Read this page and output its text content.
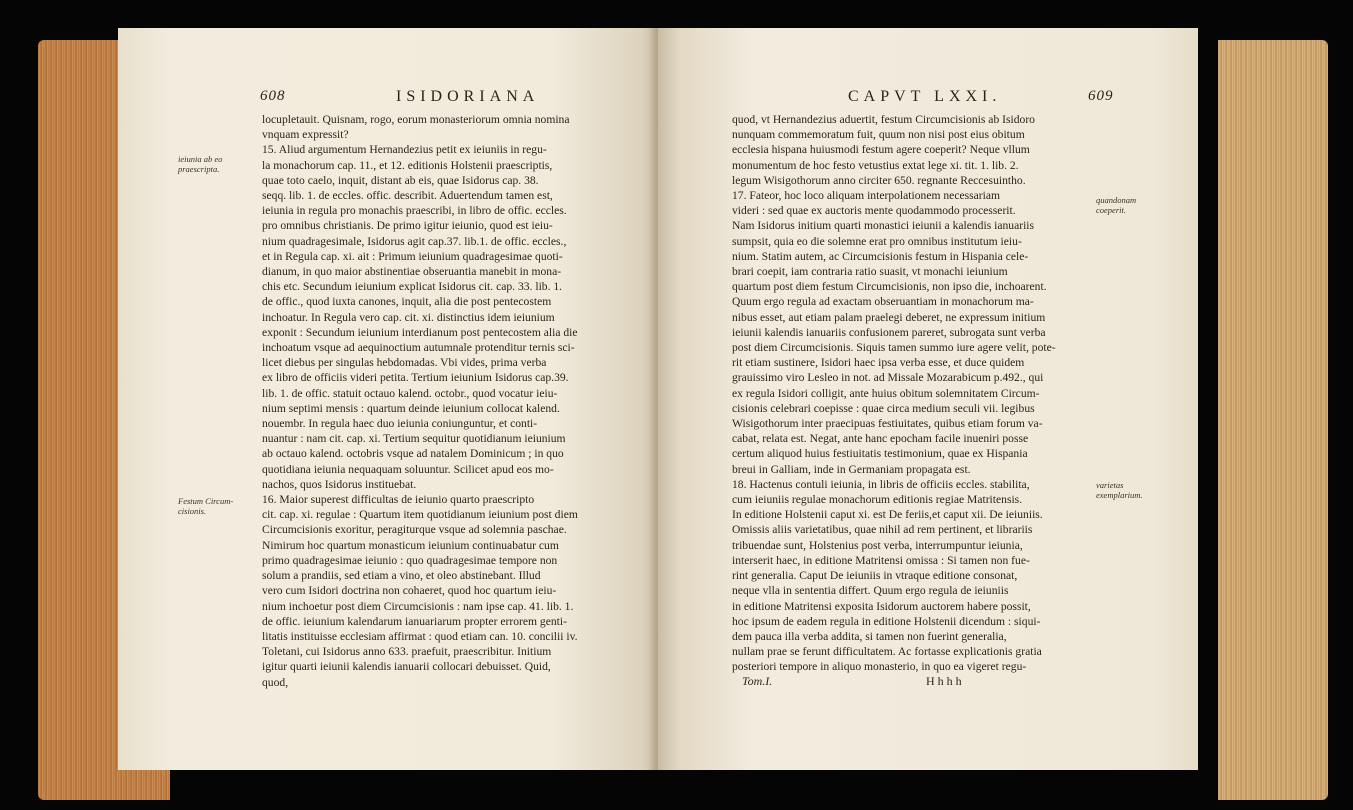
608	ISIDORIANA
ieiunia ab eo praescripta.
Festum Circum-cisionis.
locupletauit. Quisnam, rogo, eorum monasteriorum omnia nomina
vnquam expressit?
15. Aliud argumentum Hernandezius petit ex ieiuniis in regu-
la monachorum cap. 11., et 12. editionis Holstenii praescriptis,
quae toto caelo, inquit, distant ab eis, quae Isidorus cap. 38.
seqq. lib. 1. de eccles. offic. describit. Aduertendum tamen est,
ieiunia in regula pro monachis praescribi, in libro de offic. eccles.
pro omnibus christianis. De primo igitur ieiunio, quod est ieiu-
nium quadragesimale, Isidorus agit cap.37. lib.1. de offic. eccles.,
et in Regula cap. xi. ait : Primum ieiunium quadragesimae quoti-
dianum, in quo maior abstinentiae obseruantia manebit in mona-
chis etc. Secundum ieiunium explicat Isidorus cit. cap. 33. lib. 1.
de offic., quod iuxta canones, inquit, alia die post pentecostem
inchoatur. In Regula vero cap. cit. xi. distinctius idem ieiunium
exponit : Secundum ieiunium interdianum post pentecostem alia die
inchoatum vsque ad aequinoctium autumnale protenditur ternis sci-
licet diebus per singulas hebdomadas. Vbi vides, prima verba
ex libro de officiis videri petita. Tertium ieiunium Isidorus cap.39.
lib. 1. de offic. statuit octauo kalend. octobr., quod vocatur ieiu-
nium septimi mensis : quartum deinde ieiunium collocat kalend.
nouembr. In regula haec duo ieiunia coniunguntur, et conti-
nuantur : nam cit. cap. xi. Tertium sequitur quotidianum ieiunium
ab octauo kalend. octobris vsque ad natalem Dominicum ; in quo
quotidiana ieiunia nequaquam soluuntur. Scilicet apud eos mo-
nachos, quos Isidorus instituebat.
16. Maior superest difficultas de ieiunio quarto praescripto
cit. cap. xi. regulae : Quartum item quotidianum ieiunium post diem
Circumcisionis exoritur, peragiturque vsque ad solemnia paschae.
Nimirum hoc quartum monasticum ieiunium continuabatur cum
primo quadragesimae ieiunio : quo quadragesimae tempore non
solum a prandiis, sed etiam a vino, et oleo abstinebant. Illud
vero cum Isidori doctrina non cohaeret, quod hoc quartum ieiu-
nium inchoetur post diem Circumcisionis : nam ipse cap. 41. lib. 1.
de offic. ieiunium kalendarum ianuariarum propter errorem genti-
litatis instituisse ecclesiam affirmat : quod etiam can. 10. concilii iv.
Toletani, cui Isidorus anno 633. praefuit, praescribitur. Initium
igitur quarti ieiunii kalendis ianuarii collocari debuisset. Quid,
quod,
CAPVT LXXI.	609
quandonam coeperit.
varietas exemplarium.
quod, vt Hernandezius aduertit, festum Circumcisionis ab Isidoro
nunquam commemoratum fuit, quum non nisi post eius obitum
ecclesia hispana huiusmodi festum agere coeperit? Neque vllum
monumentum de hoc festo vetustius extat lege xi. tit. 1. lib. 2.
legum Wisigothorum anno circiter 650. regnante Reccesuintho.
17. Fateor, hoc loco aliquam interpolationem necessariam
videri : sed quae ex auctoris mente quodammodo processerit.
Nam Isidorus initium quarti monastici ieiunii a kalendis ianuariis
sumpsit, quia eo die solemne erat pro omnibus institutum ieiu-
nium. Statim autem, ac Circumcisionis festum in Hispania cele-
brari coepit, iam contraria ratio suasit, vt monachi ieiunium
quartum post diem festum Circumcisionis, non ipso die, inchoarent.
Quum ergo regula ad exactam obseruantiam in monachorum ma-
nibus esset, aut etiam palam praelegi deberet, ne expressum initium
ieiunii kalendis ianuariis confusionem pareret, subrogata sunt verba
post diem Circumcisionis. Siquis tamen summo iure agere velit, pote-
rit etiam sustinere, Isidori haec ipsa verba esse, et duce quidem
grauissimo viro Lesleo in not. ad Missale Mozarabicum p.492., qui
ex regula Isidori colligit, ante huius obitum solemnitatem Circum-
cisionis celebrari coepisse : quae circa medium seculi vii. legibus
Wisigothorum inter praecipuas festiuitates, quibus etiam forum va-
cabat, relata est. Negat, ante hanc epocham facile inueniri posse
certum aliquod huius festiuitatis testimonium, quae ex Hispania
breui in Galliam, inde in Germaniam propagata est.
18. Hactenus contuli ieiunia, in libris de officiis eccles. stabilita,
cum ieiuniis regulae monachorum editionis regiae Matritensis.
In editione Holstenii caput xi. est De feriis,et caput xii. De ieiuniis.
Omissis aliis varietatibus, quae nihil ad rem pertinent, et librariis
tribuendae sunt, Holstenius post verba, interrumpuntur ieiunia,
interserit haec, in editione Matritensi omissa : Si tamen non fue-
rint generalia. Caput De ieiuniis in vtraque editione consonat,
neque vlla in sententia differt. Quum ergo regula de ieiuniis
in editione Matritensi exposita Isidorum auctorem habere possit,
hoc ipsum de eadem regula in editione Holstenii dicendum : siqui-
dem pauca illa verba addita, si tamen non fuerint generalia,
nullam prae se ferunt difficultatem. Ac fortasse explicationis gratia
posteriori tempore in aliquo monasterio, in quo ea vigeret regu-
Tom.I.	Hhhh
